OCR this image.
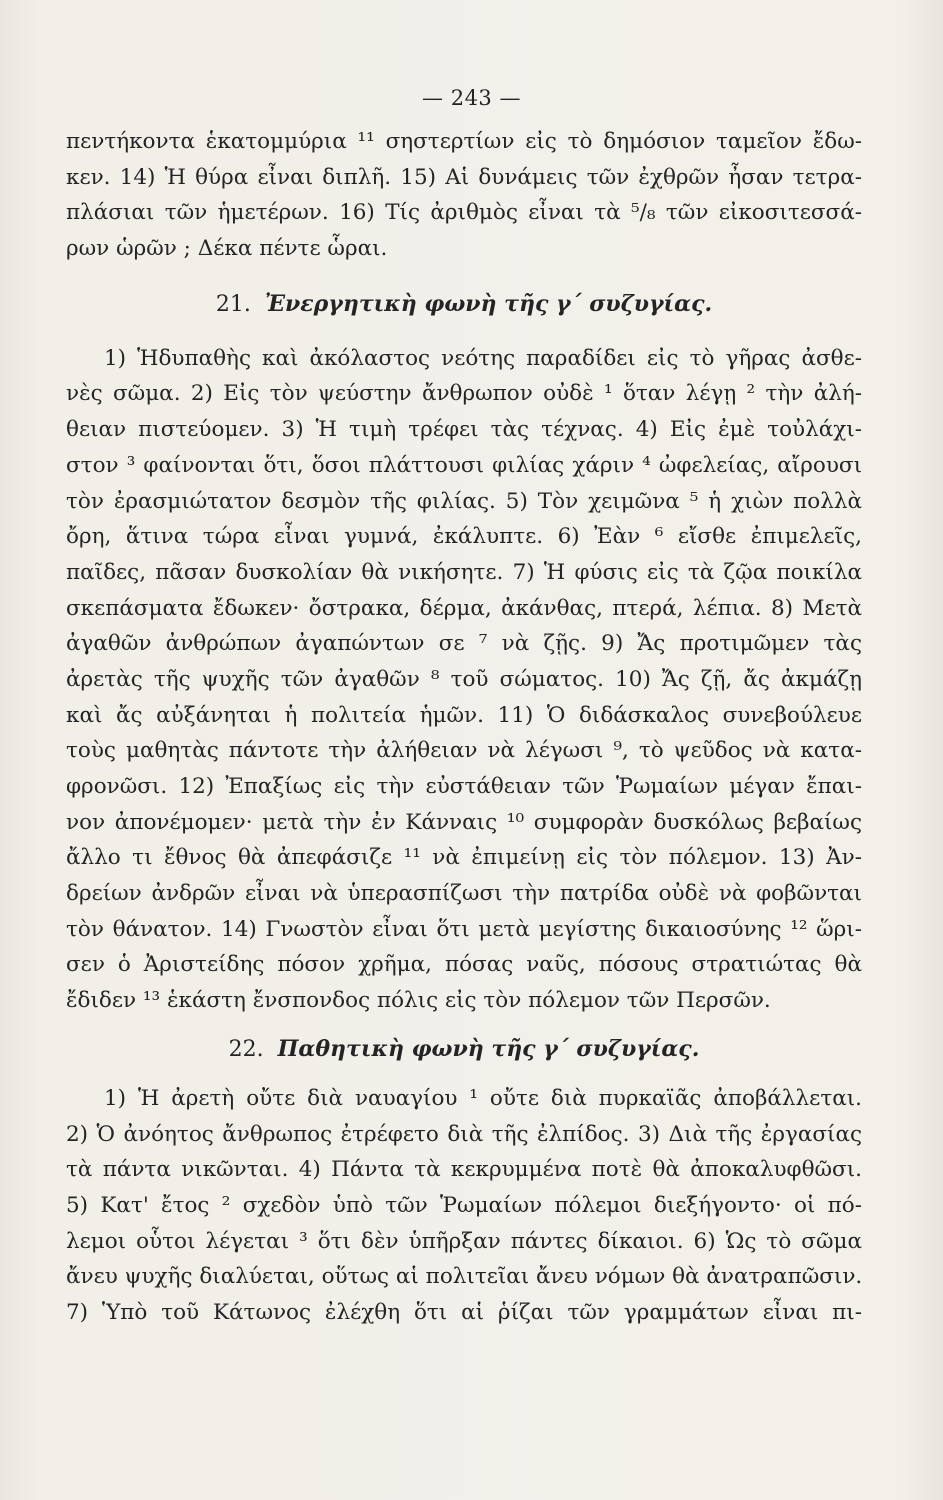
— 243 —
πεντήκοντα ἑκατομμύρια ¹¹ σηστερτίων εἰς τὸ δημόσιον ταμεῖον ἔδω-
κεν. 14) Ἡ θύρα εἶναι διπλῆ. 15) Αἱ δυνάμεις τῶν ἐχθρῶν ἦσαν τετρα-
πλάσιαι τῶν ἡμετέρων. 16) Τίς ἀριθμὸς εἶναι τὰ ⁵/₈ τῶν εἰκοσιτεσσά-
ρων ὡρῶν ; Δέκα πέντε ὧραι.
21. Ἐνεργητικὴ φωνὴ τῆς γ΄ συζυγίας.
1) Ἡδυπαθὴς καὶ ἀκόλαστος νεότης παραδίδει εἰς τὸ γῆρας ἀσθε-
νὲς σῶμα. 2) Εἰς τὸν ψεύστην ἄνθρωπον οὐδὲ ¹ ὅταν λέγῃ ² τὴν ἀλή-
θειαν πιστεύομεν. 3) Ἡ τιμὴ τρέφει τὰς τέχνας. 4) Εἰς ἐμὲ τοὐλάχι-
στον ³ φαίνονται ὅτι, ὅσοι πλάττουσι φιλίας χάριν ⁴ ὠφελείας, αἴρουσι
τὸν ἐρασμιώτατον δεσμὸν τῆς φιλίας. 5) Τὸν χειμῶνα ⁵ ἡ χιὼν πολλὰ
ὄρη, ἅτινα τώρα εἶναι γυμνά, ἐκάλυπτε. 6) Ἐὰν ⁶ εἴσθε ἐπιμελεῖς,
παῖδες, πᾶσαν δυσκολίαν θὰ νικήσητε. 7) Ἡ φύσις εἰς τὰ ζῷα ποικίλα
σκεπάσματα ἔδωκεν· ὄστρακα, δέρμα, ἀκάνθας, πτερά, λέπια. 8) Μετὰ
ἀγαθῶν ἀνθρώπων ἀγαπώντων σε ⁷ νὰ ζῇς. 9) Ἄς προτιμῶμεν τὰς
ἀρετὰς τῆς ψυχῆς τῶν ἀγαθῶν ⁸ τοῦ σώματος. 10) Ἄς ζῇ, ἄς ἀκμάζῃ
καὶ ἄς αὐξάνηται ἡ πολιτεία ἡμῶν. 11) Ὁ διδάσκαλος συνεβούλευε
τοὺς μαθητὰς πάντοτε τὴν ἀλήθειαν νὰ λέγωσι ⁹, τὸ ψεῦδος νὰ κατα-
φρονῶσι. 12) Ἐπαξίως εἰς τὴν εὐστάθειαν τῶν Ῥωμαίων μέγαν ἔπαι-
νον ἀπονέμομεν· μετὰ τὴν ἐν Κάνναις ¹⁰ συμφορὰν δυσκόλως βεβαίως
ἄλλο τι ἔθνος θὰ ἀπεφάσιζε ¹¹ νὰ ἐπιμείνῃ εἰς τὸν πόλεμον. 13) Ἀν-
δρείων ἀνδρῶν εἶναι νὰ ὑπερασπίζωσι τὴν πατρίδα οὐδὲ νὰ φοβῶνται
τὸν θάνατον. 14) Γνωστὸν εἶναι ὅτι μετὰ μεγίστης δικαιοσύνης ¹² ὥρι-
σεν ὁ Ἀριστείδης πόσον χρῆμα, πόσας ναῦς, πόσους στρατιώτας θὰ
ἔδιδεν ¹³ ἑκάστη ἔνσπονδος πόλις εἰς τὸν πόλεμον τῶν Περσῶν.
22. Παθητικὴ φωνὴ τῆς γ΄ συζυγίας.
1) Ἡ ἀρετὴ οὔτε διὰ ναυαγίου ¹ οὔτε διὰ πυρκαϊᾶς ἀποβάλλεται.
2) Ὁ ἀνόητος ἄνθρωπος ἐτρέφετο διὰ τῆς ἐλπίδος. 3) Διὰ τῆς ἐργασίας
τὰ πάντα νικῶνται. 4) Πάντα τὰ κεκρυμμένα ποτὲ θὰ ἀποκαλυφθῶσι.
5) Κατ' ἔτος ² σχεδὸν ὑπὸ τῶν Ῥωμαίων πόλεμοι διεξήγοντο· οἱ πό-
λεμοι οὗτοι λέγεται ³ ὅτι δὲν ὑπῆρξαν πάντες δίκαιοι. 6) Ὡς τὸ σῶμα
ἄνευ ψυχῆς διαλύεται, οὕτως αἱ πολιτεῖαι ἄνευ νόμων θὰ ἀνατραπῶσιν.
7) Ὑπὸ τοῦ Κάτωνος ἐλέχθη ὅτι αἱ ῥίζαι τῶν γραμμάτων εἶναι πι-
